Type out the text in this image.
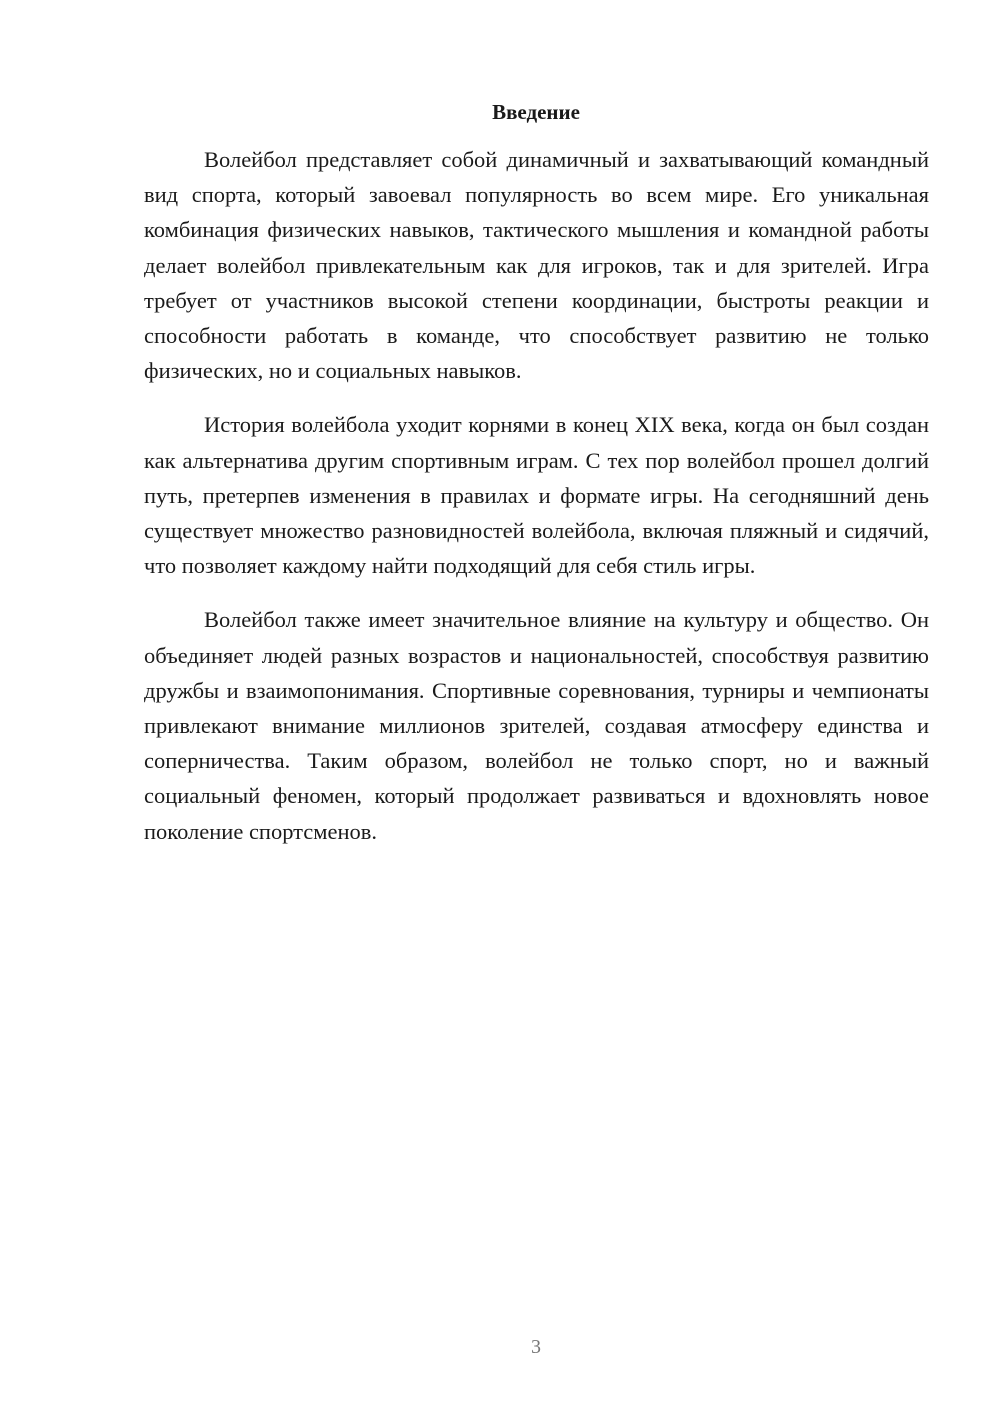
Введение

Волейбол представляет собой динамичный и захватывающий командный вид спорта, который завоевал популярность во всем мире. Его уникальная комбинация физических навыков, тактического мышления и командной работы делает волейбол привлекательным как для игроков, так и для зрителей. Игра требует от участников высокой степени координации, быстроты реакции и способности работать в команде, что способствует развитию не только физических, но и социальных навыков.

История волейбола уходит корнями в конец XIX века, когда он был создан как альтернатива другим спортивным играм. С тех пор волейбол прошел долгий путь, претерпев изменения в правилах и формате игры. На сегодняшний день существует множество разновидностей волейбола, включая пляжный и сидячий, что позволяет каждому найти подходящий для себя стиль игры.

Волейбол также имеет значительное влияние на культуру и общество. Он объединяет людей разных возрастов и национальностей, способствуя развитию дружбы и взаимопонимания. Спортивные соревнования, турниры и чемпионаты привлекают внимание миллионов зрителей, создавая атмосферу единства и соперничества. Таким образом, волейбол не только спорт, но и важный социальный феномен, который продолжает развиваться и вдохновлять новое поколение спортсменов.

3
